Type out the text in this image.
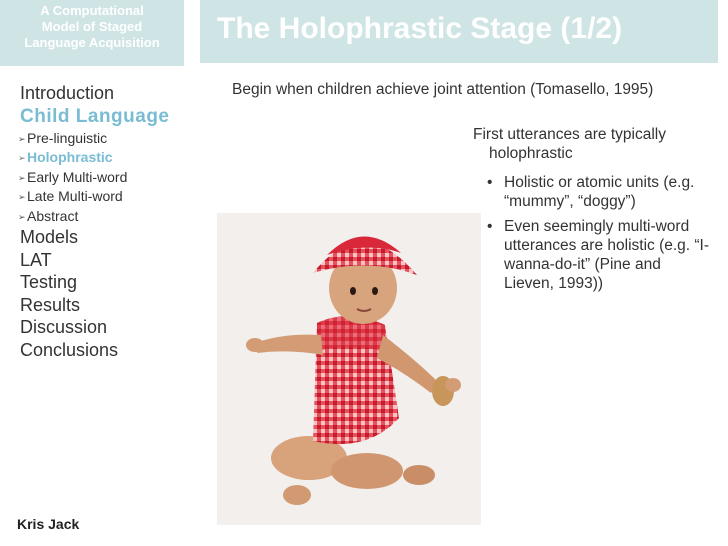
A Computational
Model of Staged
Language Acquisition
Introduction
Child Language
➢Pre-linguistic
➢Holophrastic
➢Early Multi-word
➢Late Multi-word
➢Abstract
Models
LAT
Testing
Results
Discussion
Conclusions
Kris Jack
The Holophrastic Stage (1/2)
Begin when children achieve joint attention (Tomasello, 1995)
First utterances are typically holophrastic
• Holistic or atomic units (e.g. “mummy”, “doggy”)
• Even seemingly multi-word utterances are holistic (e.g. “I-wanna-do-it” (Pine and Lieven, 1993))
